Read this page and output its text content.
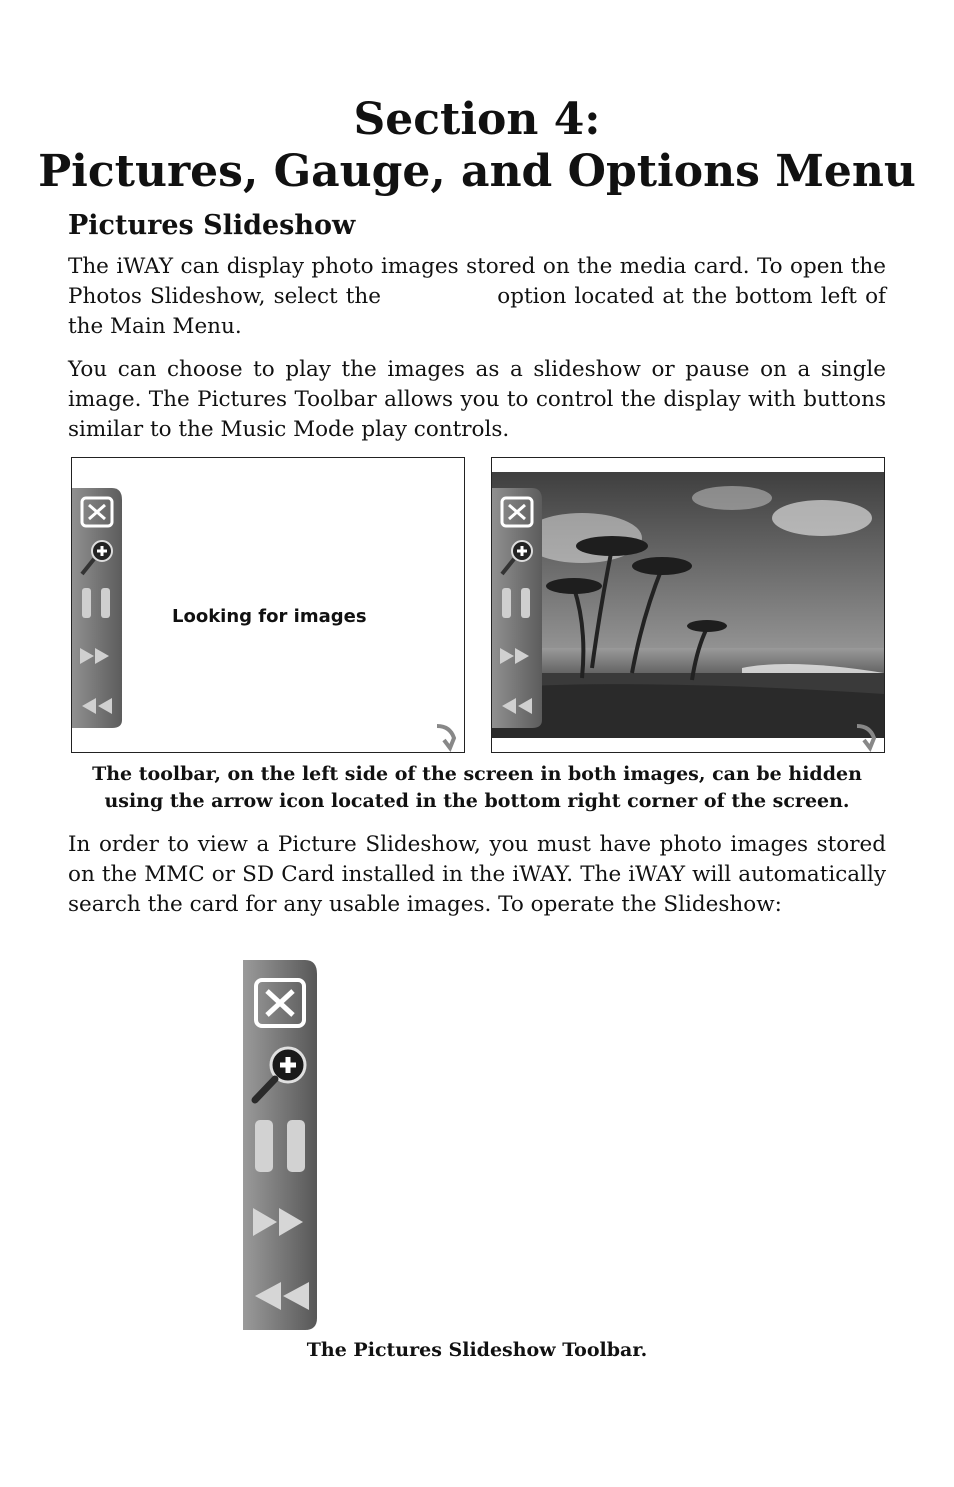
Section 4:
Pictures, Gauge, and Options Menu
Pictures Slideshow
The iWAY can display photo images stored on the media card. To open the Photos Slideshow, select the	option located at the bottom left of the Main Menu.
You can choose to play the images as a slideshow or pause on a single image. The Pictures Toolbar allows you to control the display with buttons similar to the Music Mode play controls.
Looking for images
The toolbar, on the left side of the screen in both images, can be hidden
using the arrow icon located in the bottom right corner of the screen.
In order to view a Picture Slideshow, you must have photo images stored on the MMC or SD Card installed in the iWAY. The iWAY will automatically search the card for any usable images. To operate the Slideshow:
The Pictures Slideshow Toolbar.
